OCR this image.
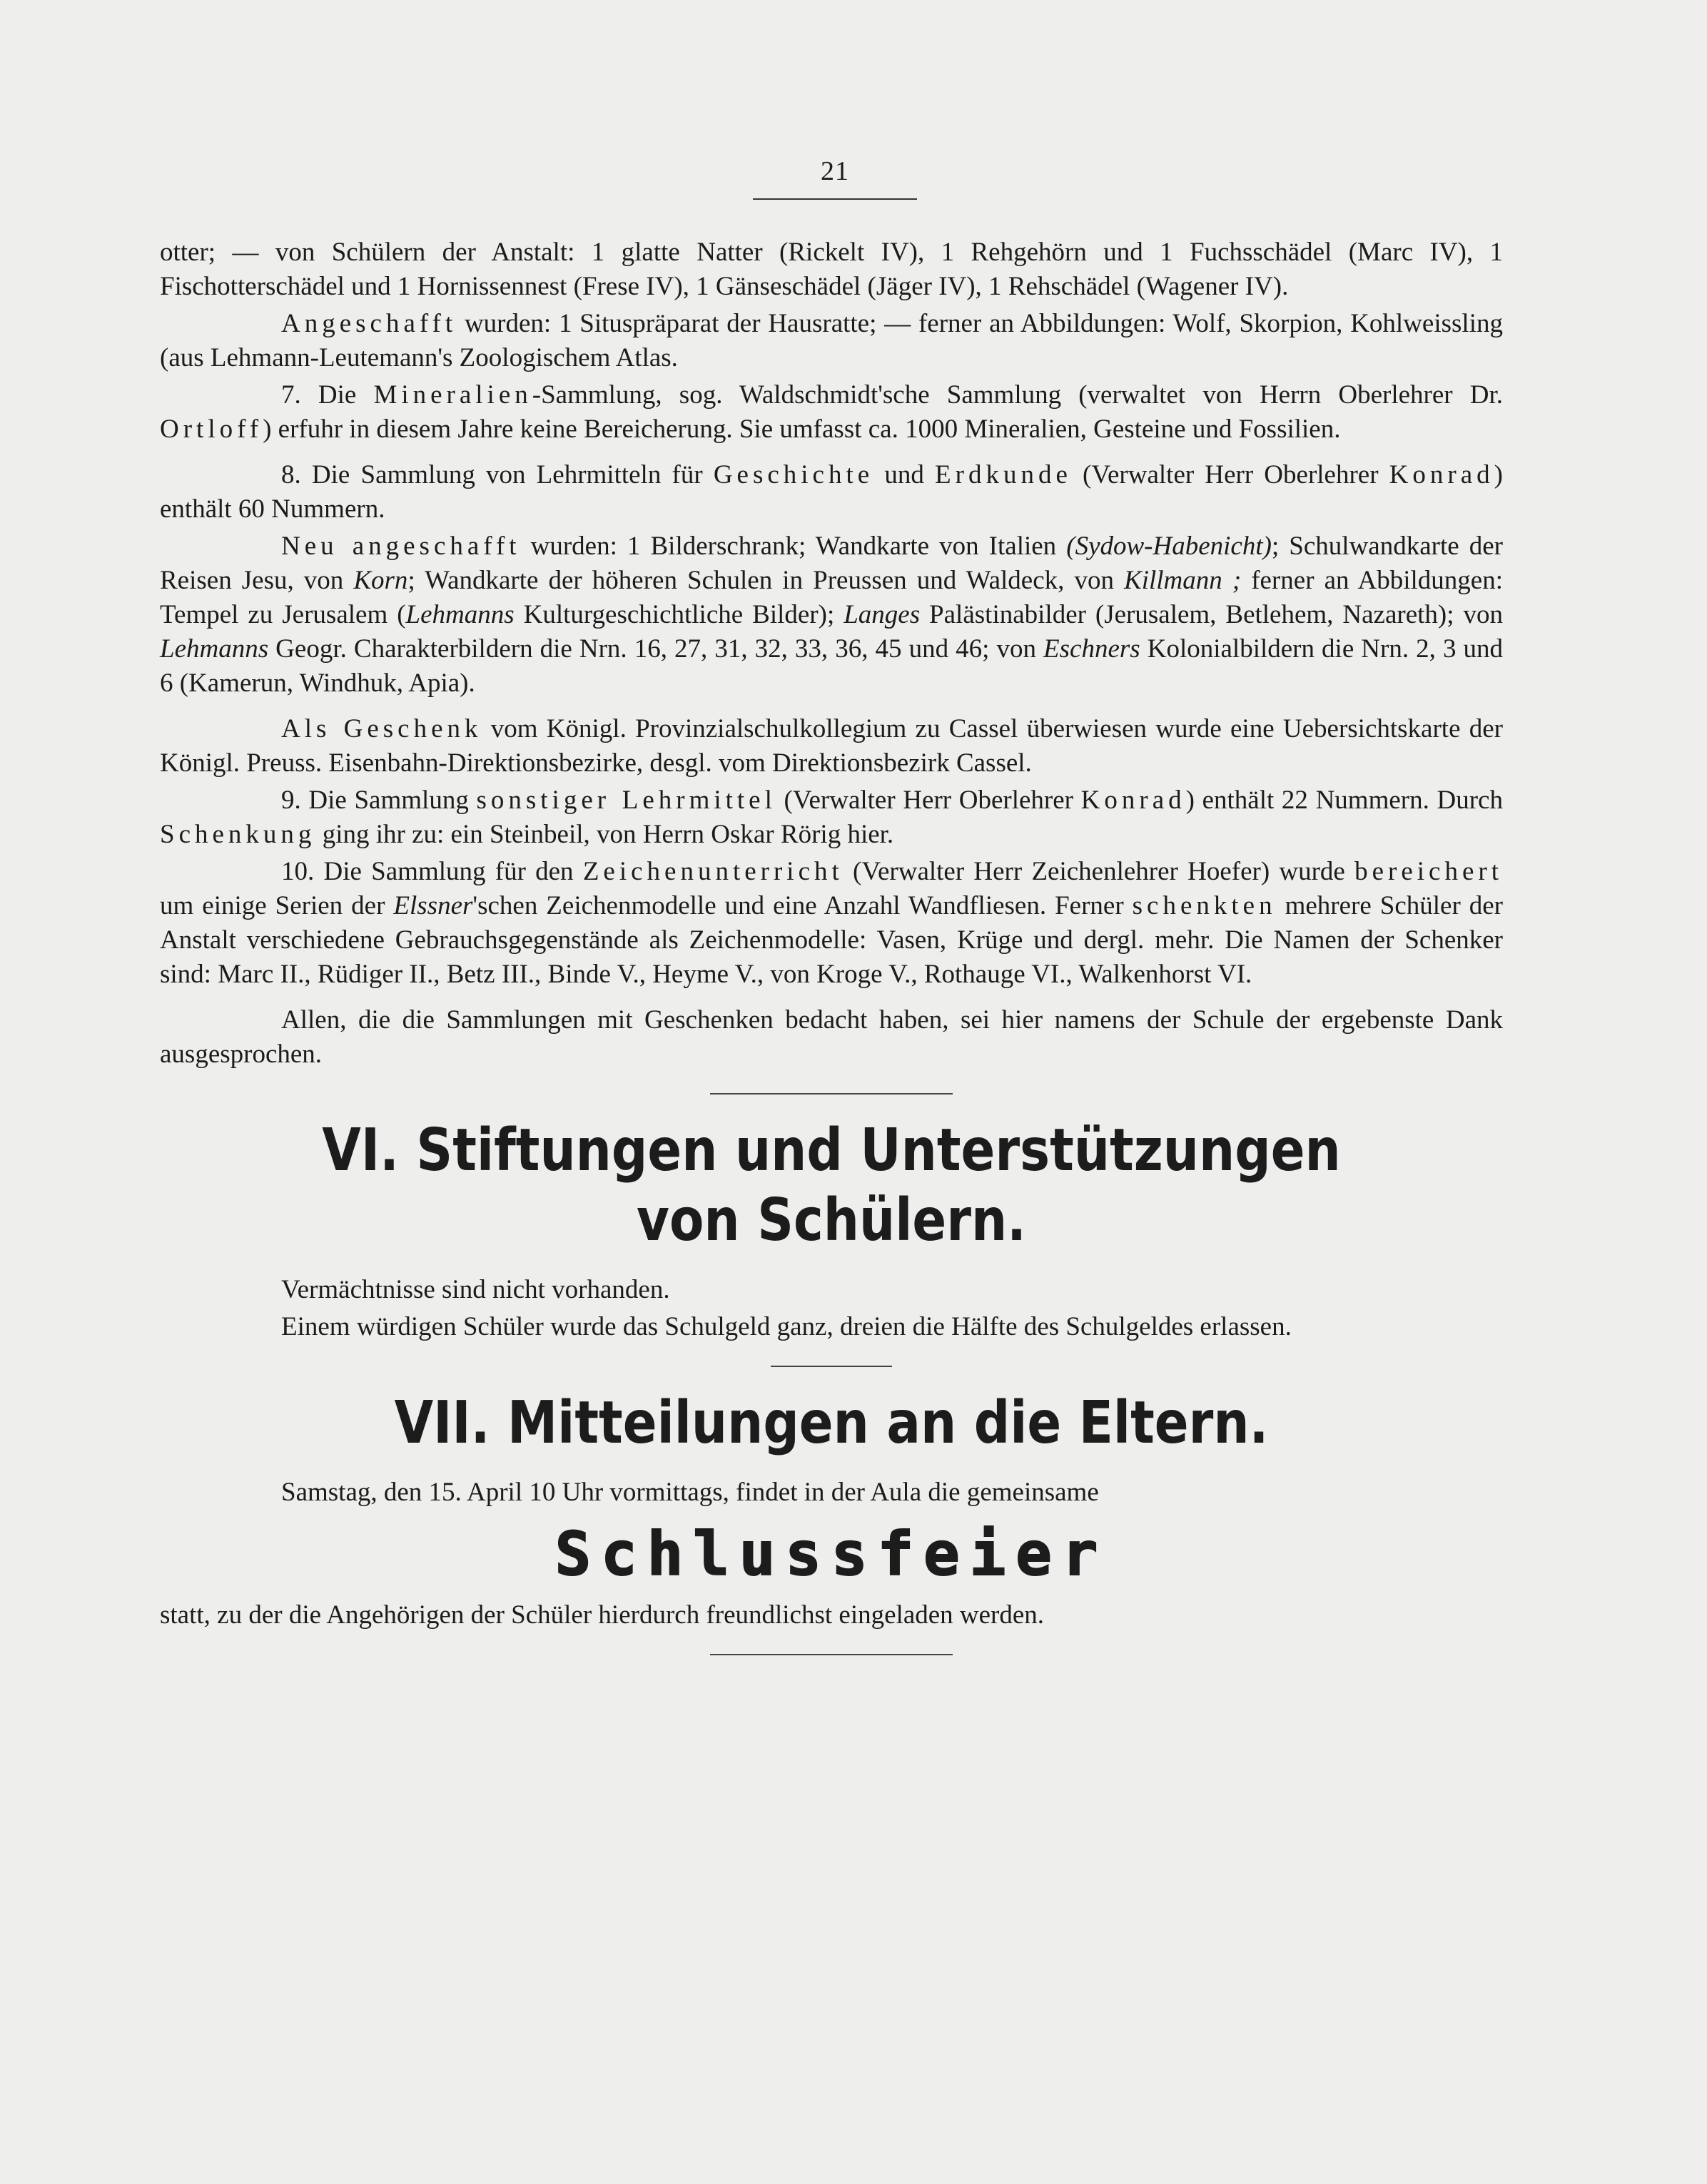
21

otter; — von Schülern der Anstalt: 1 glatte Natter (Rickelt IV), 1 Rehgehörn und 1 Fuchsschädel (Marc IV), 1 Fischotterschädel und 1 Hornissennest (Frese IV), 1 Gänseschädel (Jäger IV), 1 Rehschädel (Wagener IV).

Angeschafft wurden: 1 Situspräparat der Hausratte; — ferner an Abbildungen: Wolf, Skorpion, Kohlweissling (aus Lehmann-Leutemann's Zoologischem Atlas.

7. Die Mineralien-Sammlung, sog. Waldschmidt'sche Sammlung (verwaltet von Herrn Oberlehrer Dr. Ortloff) erfuhr in diesem Jahre keine Bereicherung. Sie umfasst ca. 1000 Mineralien, Gesteine und Fossilien.

8. Die Sammlung von Lehrmitteln für Geschichte und Erdkunde (Verwalter Herr Oberlehrer Konrad) enthält 60 Nummern.

Neu angeschafft wurden: 1 Bilderschrank; Wandkarte von Italien (Sydow-Habenicht); Schulwandkarte der Reisen Jesu, von Korn; Wandkarte der höheren Schulen in Preussen und Waldeck, von Killmann ; ferner an Abbildungen: Tempel zu Jerusalem (Lehmanns Kulturgeschichtliche Bilder); Langes Palästinabilder (Jerusalem, Betlehem, Nazareth); von Lehmanns Geogr. Charakterbildern die Nrn. 16, 27, 31, 32, 33, 36, 45 und 46; von Eschners Kolonialbildern die Nrn. 2, 3 und 6 (Kamerun, Windhuk, Apia).

Als Geschenk vom Königl. Provinzialschulkollegium zu Cassel überwiesen wurde eine Uebersichtskarte der Königl. Preuss. Eisenbahn-Direktionsbezirke, desgl. vom Direktionsbezirk Cassel.

9. Die Sammlung sonstiger Lehrmittel (Verwalter Herr Oberlehrer Konrad) enthält 22 Nummern. Durch Schenkung ging ihr zu: ein Steinbeil, von Herrn Oskar Rörig hier.

10. Die Sammlung für den Zeichenunterricht (Verwalter Herr Zeichenlehrer Hoefer) wurde bereichert um einige Serien der Elssner'schen Zeichenmodelle und eine Anzahl Wandfliesen. Ferner schenkten mehrere Schüler der Anstalt verschiedene Gebrauchsgegenstände als Zeichenmodelle: Vasen, Krüge und dergl. mehr. Die Namen der Schenker sind: Marc II., Rüdiger II., Betz III., Binde V., Heyme V., von Kroge V., Rothauge VI., Walkenhorst VI.

Allen, die die Sammlungen mit Geschenken bedacht haben, sei hier namens der Schule der ergebenste Dank ausgesprochen.

VI. Stiftungen und Unterstützungen
von Schülern.

Vermächtnisse sind nicht vorhanden.

Einem würdigen Schüler wurde das Schulgeld ganz, dreien die Hälfte des Schulgeldes erlassen.

VII. Mitteilungen an die Eltern.

Samstag, den 15. April 10 Uhr vormittags, findet in der Aula die gemeinsame

Schlussfeier

statt, zu der die Angehörigen der Schüler hierdurch freundlichst eingeladen werden.
